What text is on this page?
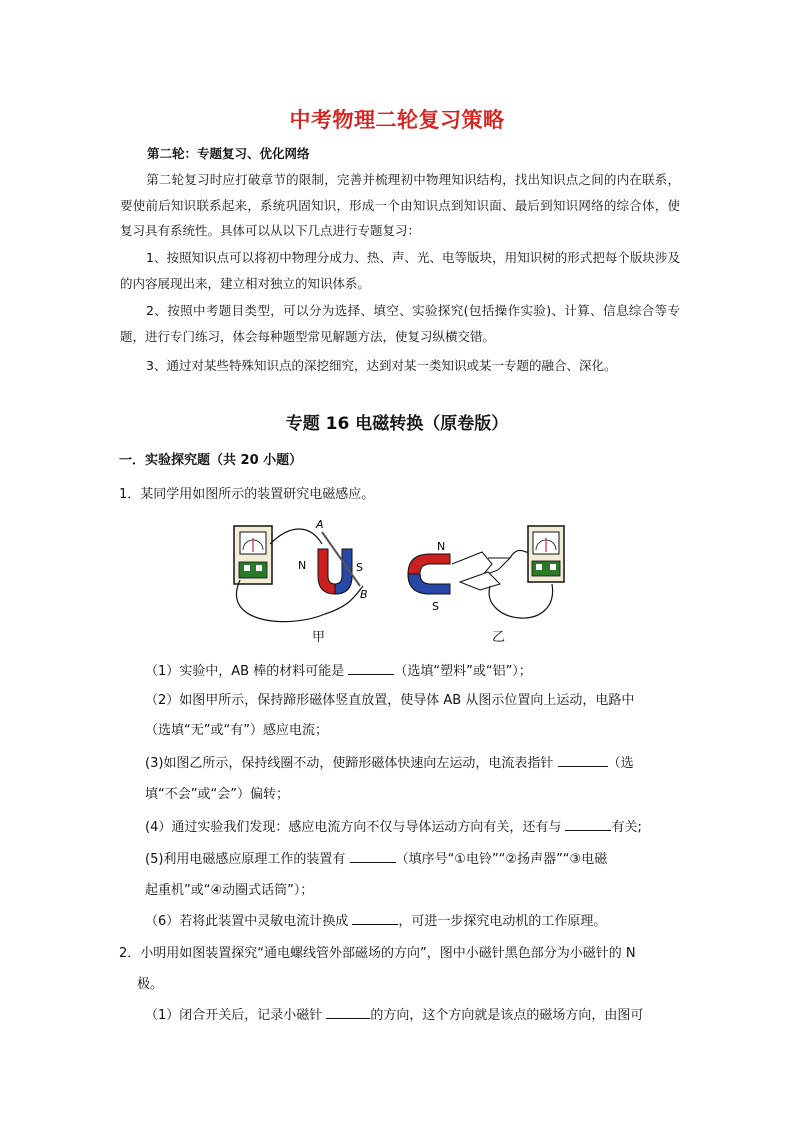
中考物理二轮复习策略
第二轮：专题复习、优化网络
第二轮复习时应打破章节的限制，完善并梳理初中物理知识结构，找出知识点之间的内在联系，要使前后知识联系起来，系统巩固知识，形成一个由知识点到知识面、最后到知识网络的综合体，使复习具有系统性。具体可以从以下几点进行专题复习：
1、按照知识点可以将初中物理分成力、热、声、光、电等版块，用知识树的形式把每个版块涉及的内容展现出来，建立相对独立的知识体系。
2、按照中考题目类型，可以分为选择、填空、实验探究(包括操作实验)、计算、信息综合等专题，进行专门练习，体会每种题型常见解题方法，使复习纵横交错。
3、通过对某些特殊知识点的深挖细究，达到对某一类知识或某一专题的融合、深化。
专题 16 电磁转换（原卷版）
一．实验探究题（共 20 小题）
1．某同学用如图所示的装置研究电磁感应。
A
B
N	S
N
S
甲	乙
（1）实验中，AB 棒的材料可能是	（选填“塑料”或“铝”）；
（2）如图甲所示，保持蹄形磁体竖直放置，使导体 AB 从图示位置向上运动，电路中
（选填“无”或“有”）感应电流；
(3)如图乙所示，保持线圈不动，使蹄形磁体快速向左运动，电流表指针	（选
填“不会”或“会”）偏转；
(4）通过实验我们发现：感应电流方向不仅与导体运动方向有关，还有与	有关;
(5)利用电磁感应原理工作的装置有	（填序号“①电铃”“②扬声器”“③电磁
起重机”或“④动圈式话筒”）；
（6）若将此装置中灵敏电流计换成	，可进一步探究电动机的工作原理。
2．小明用如图装置探究“通电螺线管外部磁场的方向”，图中小磁针黑色部分为小磁针的 N
极。
（1）闭合开关后，记录小磁针	的方向，这个方向就是该点的磁场方向，由图可
